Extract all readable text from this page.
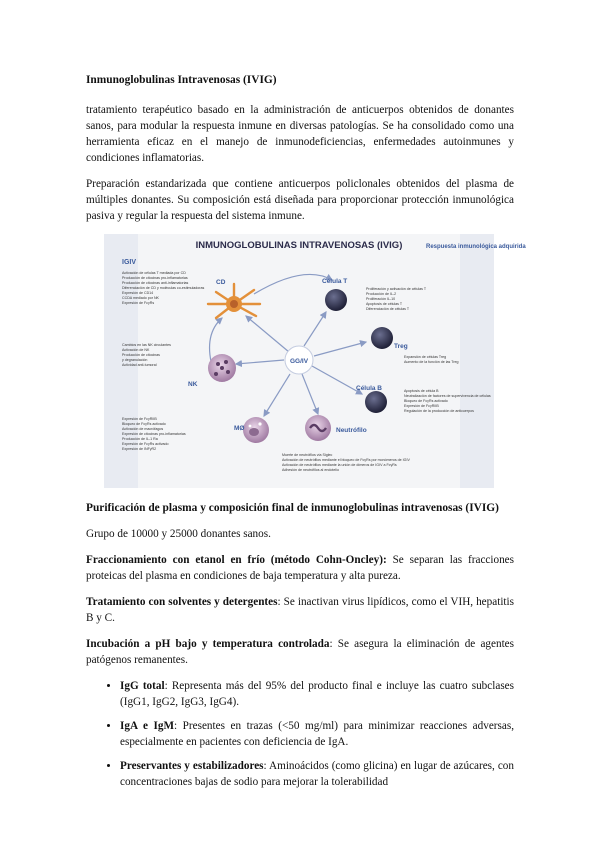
Inmunoglobulinas Intravenosas (IVIG)

tratamiento terapéutico basado en la administración de anticuerpos obtenidos de donantes sanos, para modular la respuesta inmune en diversas patologías. Se ha consolidado como una herramienta eficaz en el manejo de inmunodeficiencias, enfermedades autoinmunes y condiciones inflamatorias.

Preparación estandarizada que contiene anticuerpos policlonales obtenidos del plasma de múltiples donantes. Su composición está diseñada para proporcionar protección inmunológica pasiva y regular la respuesta del sistema inmune.

INMUNOGLOBULINAS INTRAVENOSAS (IVIG)
IGIV
Respuesta inmunológica adquirida
GG/IV
CD	Célula T
Treg
Célula B
NK
MØ	Neutrófilo
Activación de células T mediada por CD
Producción de citocinas pro-inflamatorias
Producción de citocinas anti-inflamatorias
Diferenciación de CD y moléculas co-estimuladoras
Expresión de CD14
CCDA mediado por NK
Expresión de FcγRs
Proliferación y activación de células T
Producción de IL-2
Proliferación IL-10
Apoptosis de células T
Diferenciación de células T
Expansión de células Treg
Aumento de la función de las Treg
Cambios en las NK circulantes
Activación de NK
Producción de citocinas
y degranulación
Actividad anti-tumoral
Apoptosis de célula B
Neutralización de factores de supervivencia de células
Bloqueo de FcγRs activado
Expresión de FcγRIIB
Regulación de la producción de anticuerpos
Expresión de FcγRIIB
Bloqueo de FcγRs activado
Activación de macrófagos
Expresión de citocinas pro-inflamatorias
Producción de IL-1 Ra
Expresión de FcγRs activado
Expresión de INFγR2
Muerte de neutrófilos vía Siglec
Activación de neutrófilos mediante el bloqueo de FcγRs por monómeros de IGIV
Activación de neutrófilos mediante la unión de dímeros de IGIV a FcγRs
Adhesión de neutrófilos al endotelio
Purificación de plasma y composición final de inmunoglobulinas intravenosas (IVIG)

Grupo de 10000 y 25000 donantes sanos.

Fraccionamiento con etanol en frío (método Cohn-Oncley): Se separan las fracciones proteicas del plasma en condiciones de baja temperatura y alta pureza.

Tratamiento con solventes y detergentes: Se inactivan virus lipídicos, como el VIH, hepatitis B y C.

Incubación a pH bajo y temperatura controlada: Se asegura la eliminación de agentes patógenos remanentes.

• IgG total: Representa más del 95% del producto final e incluye las cuatro subclases (IgG1, IgG2, IgG3, IgG4).
• IgA e IgM: Presentes en trazas (<50 mg/ml) para minimizar reacciones adversas, especialmente en pacientes con deficiencia de IgA.
• Preservantes y estabilizadores: Aminoácidos (como glicina) en lugar de azúcares, con concentraciones bajas de sodio para mejorar la tolerabilidad
